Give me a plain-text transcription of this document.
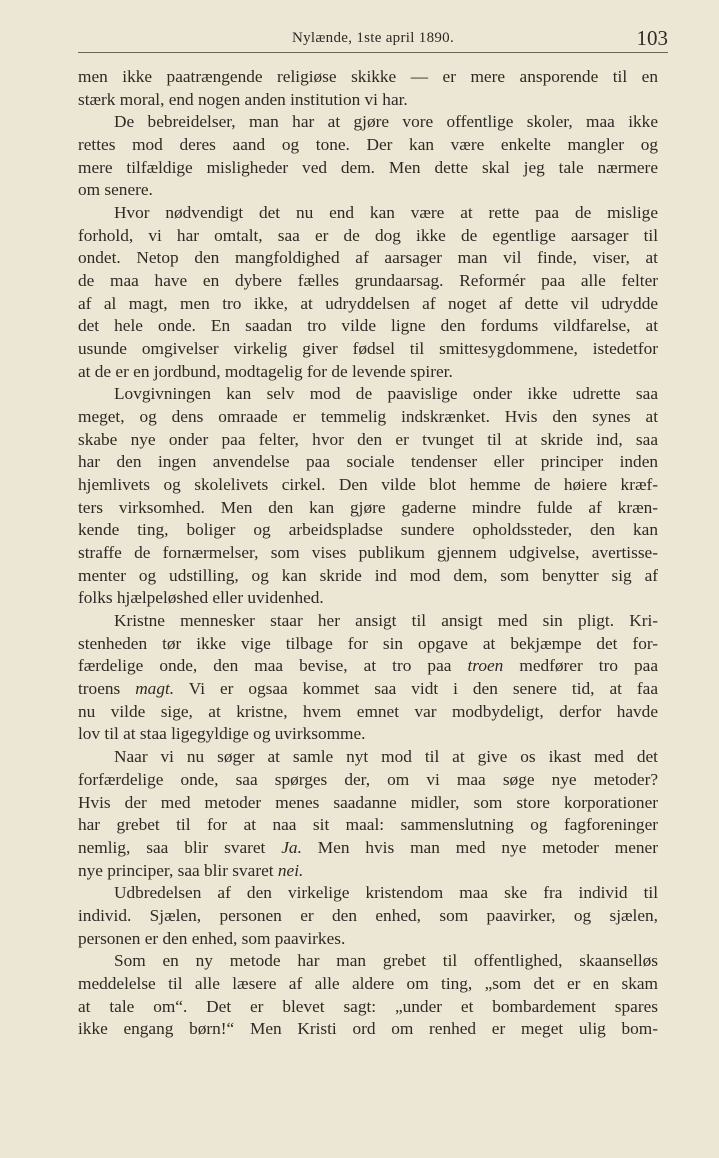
Nylænde, 1ste april 1890.	103
men ikke paatrængende religiøse skikke — er mere ansporende til en
stærk moral, end nogen anden institution vi har.
De bebreidelser, man har at gjøre vore offentlige skoler, maa ikke
rettes mod deres aand og tone. Der kan være enkelte mangler og
mere tilfældige misligheder ved dem. Men dette skal jeg tale nærmere
om senere.
Hvor nødvendigt det nu end kan være at rette paa de mislige
forhold, vi har omtalt, saa er de dog ikke de egentlige aarsager til
ondet. Netop den mangfoldighed af aarsager man vil finde, viser, at
de maa have en dybere fælles grundaarsag. Reformér paa alle felter
af al magt, men tro ikke, at udryddelsen af noget af dette vil udrydde
det hele onde. En saadan tro vilde ligne den fordums vildfarelse, at
usunde omgivelser virkelig giver fødsel til smittesygdommene, istedetfor
at de er en jordbund, modtagelig for de levende spirer.
Lovgivningen kan selv mod de paavislige onder ikke udrette saa
meget, og dens omraade er temmelig indskrænket. Hvis den synes at
skabe nye onder paa felter, hvor den er tvunget til at skride ind, saa
har den ingen anvendelse paa sociale tendenser eller principer inden
hjemlivets og skolelivets cirkel. Den vilde blot hemme de høiere kræf-
ters virksomhed. Men den kan gjøre gaderne mindre fulde af kræn-
kende ting, boliger og arbeidspladse sundere opholdssteder, den kan
straffe de fornærmelser, som vises publikum gjennem udgivelse, avertisse-
menter og udstilling, og kan skride ind mod dem, som benytter sig af
folks hjælpeløshed eller uvidenhed.
Kristne mennesker staar her ansigt til ansigt med sin pligt. Kri-
stenheden tør ikke vige tilbage for sin opgave at bekjæmpe det for-
færdelige onde, den maa bevise, at tro paa troen medfører tro paa
troens magt. Vi er ogsaa kommet saa vidt i den senere tid, at faa
nu vilde sige, at kristne, hvem emnet var modbydeligt, derfor havde
lov til at staa ligegyldige og uvirksomme.
Naar vi nu søger at samle nyt mod til at give os ikast med det
forfærdelige onde, saa spørges der, om vi maa søge nye metoder?
Hvis der med metoder menes saadanne midler, som store korporationer
har grebet til for at naa sit maal: sammenslutning og fagforeninger
nemlig, saa blir svaret Ja. Men hvis man med nye metoder mener
nye principer, saa blir svaret nei.
Udbredelsen af den virkelige kristendom maa ske fra individ til
individ. Sjælen, personen er den enhed, som paavirker, og sjælen,
personen er den enhed, som paavirkes.
Som en ny metode har man grebet til offentlighed, skaanselløs
meddelelse til alle læsere af alle aldere om ting, „som det er en skam
at tale om“. Det er blevet sagt: „under et bombardement spares
ikke engang børn!“ Men Kristi ord om renhed er meget ulig bom-
